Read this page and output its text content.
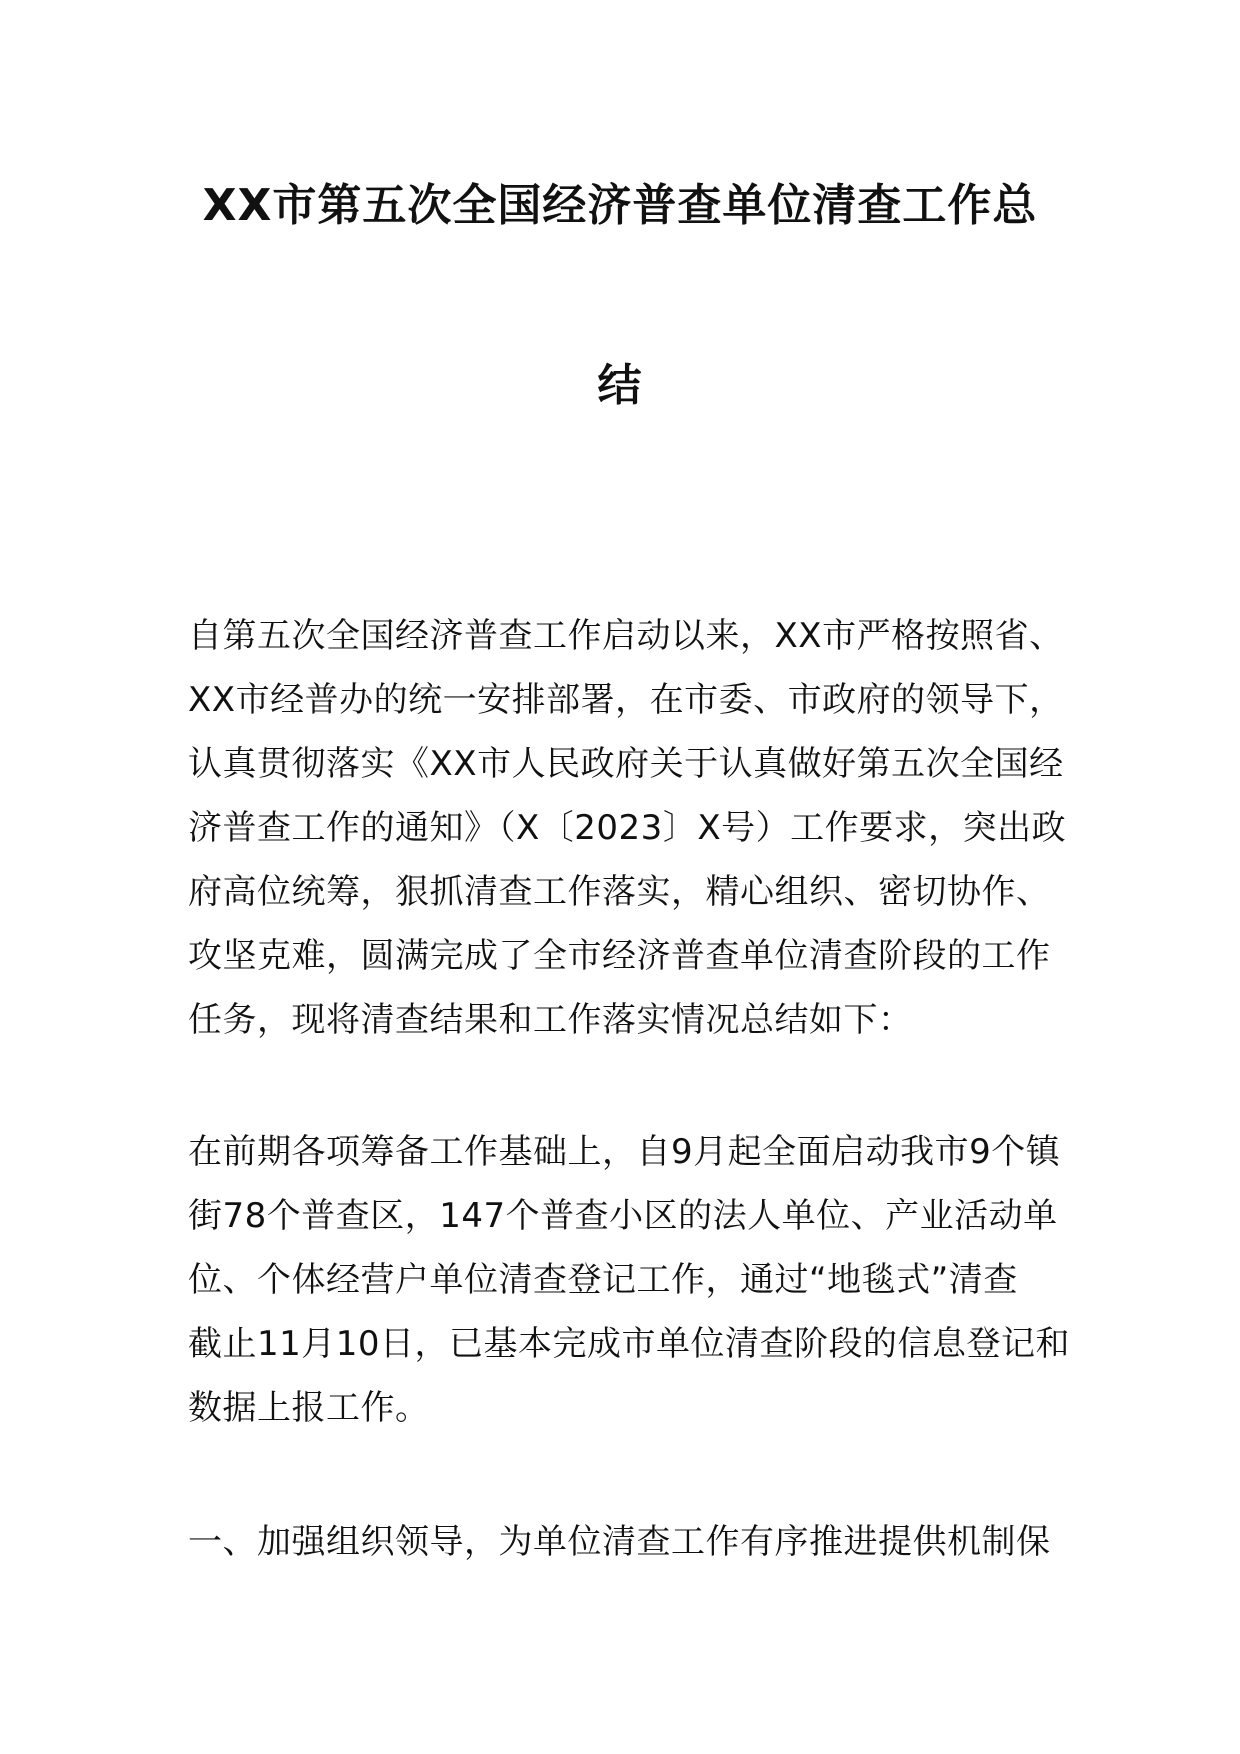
XX市第五次全国经济普查单位清查工作总
结
自第五次全国经济普查工作启动以来，XX市严格按照省、
XX市经普办的统一安排部署，在市委、市政府的领导下，
认真贯彻落实《XX市人民政府关于认真做好第五次全国经
济普查工作的通知》（X〔2023〕X号）工作要求，突出政
府高位统筹，狠抓清查工作落实，精心组织、密切协作、
攻坚克难，圆满完成了全市经济普查单位清查阶段的工作
任务，现将清查结果和工作落实情况总结如下：
在前期各项筹备工作基础上，自9月起全面启动我市9个镇
街78个普查区，147个普查小区的法人单位、产业活动单
位、个体经营户单位清查登记工作，通过“地毯式”清查
截止11月10日，已基本完成市单位清查阶段的信息登记和
数据上报工作。
一、加强组织领导，为单位清查工作有序推进提供机制保
